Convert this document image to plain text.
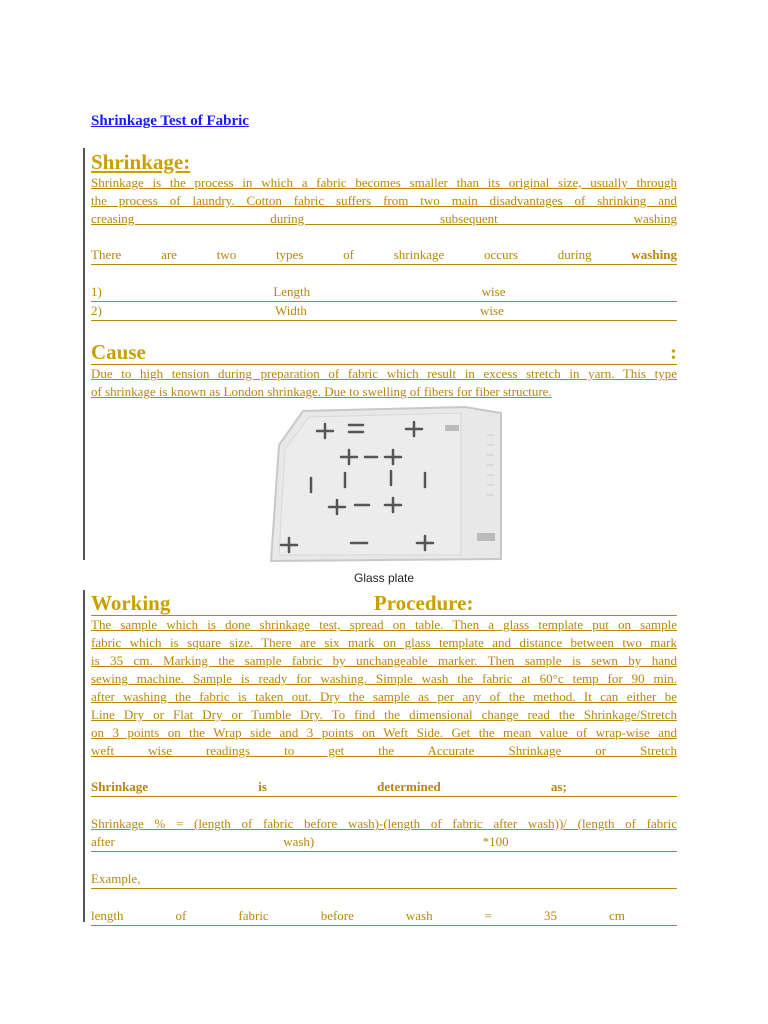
Shrinkage Test of Fabric

Shrinkage:

Shrinkage is the process in which a fabric becomes smaller than its original size, usually through

the process of laundry. Cotton fabric suffers from two main disadvantages of shrinking and

creasing during subsequent washing

There	are	two	types	of	shrinkage	occurs	during	washing
1)	Length	wise
2)	Width	wise
Cause	:

Due to high tension during preparation of fabric which result in excess stretch in yarn. This type

of shrinkage is known as London shrinkage. Due to swelling of fibers for fiber structure.

Glass plate
Working	Procedure:

The sample which is done shrinkage test, spread on table. Then a glass template put on sample

fabric which is square size. There are six mark on glass template and distance between two mark

is 35 cm. Marking the sample fabric by unchangeable marker. Then sample is sewn by hand

sewing machine. Sample is ready for washing. Simple wash the fabric at 60°c temp for 90 min.

after washing the fabric is taken out. Dry the sample as per any of the method. It can either be

Line Dry or Flat Dry or Tumble Dry. To find the dimensional change read the Shrinkage/Stretch

on 3 points on the Wrap side and 3 points on Weft Side. Get the mean value of wrap-wise and

weft wise readings to get the Accurate Shrinkage or Stretch

Shrinkage	is	determined	as;

Shrinkage % = (length of fabric before wash)-(length of fabric after wash))/ (length of fabric

after	wash)	*100
Example,
length	of	fabric	before	wash	=	35	cm
